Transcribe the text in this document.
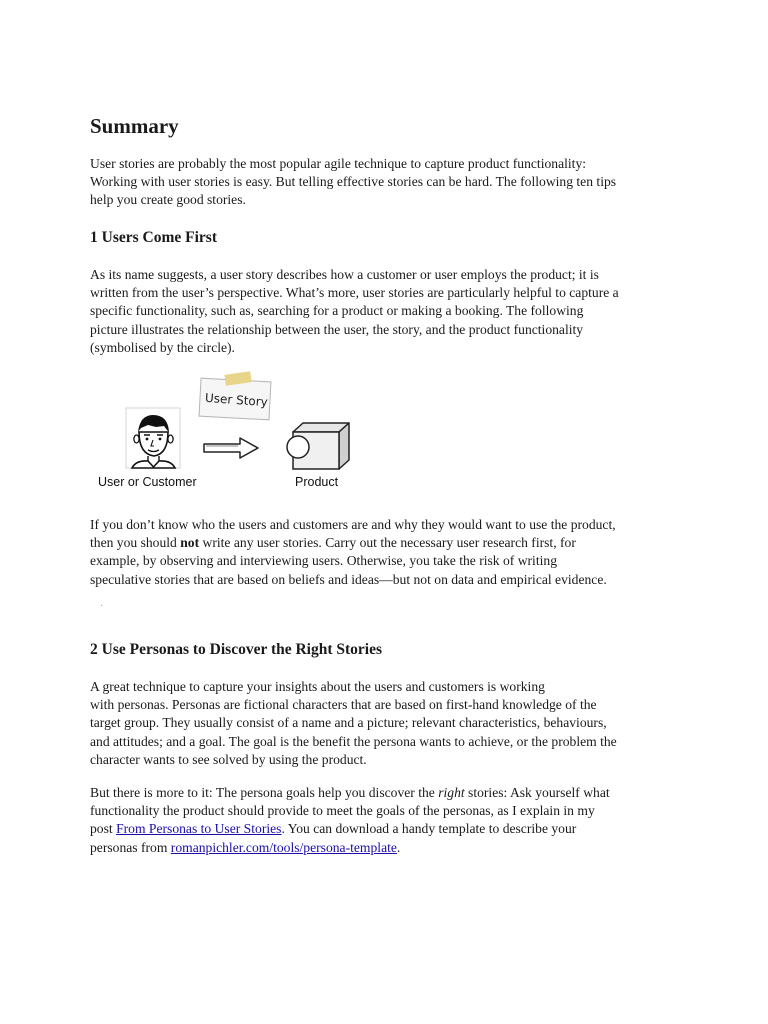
Summary

User stories are probably the most popular agile technique to capture product functionality:
Working with user stories is easy. But telling effective stories can be hard. The following ten tips
help you create good stories.

1 Users Come First

As its name suggests, a user story describes how a customer or user employs the product; it is
written from the user’s perspective. What’s more, user stories are particularly helpful to capture a
specific functionality, such as, searching for a product or making a booking. The following
picture illustrates the relationship between the user, the story, and the product functionality
(symbolised by the circle).

User Story
User or Customer	Product

If you don’t know who the users and customers are and why they would want to use the product,
then you should not write any user stories. Carry out the necessary user research first, for
example, by observing and interviewing users. Otherwise, you take the risk of writing
speculative stories that are based on beliefs and ideas—but not on data and empirical evidence.

·
2 Use Personas to Discover the Right Stories

A great technique to capture your insights about the users and customers is working
with personas. Personas are fictional characters that are based on first-hand knowledge of the
target group. They usually consist of a name and a picture; relevant characteristics, behaviours,
and attitudes; and a goal. The goal is the benefit the persona wants to achieve, or the problem the
character wants to see solved by using the product.

But there is more to it: The persona goals help you discover the right stories: Ask yourself what
functionality the product should provide to meet the goals of the personas, as I explain in my
post From Personas to User Stories. You can download a handy template to describe your
personas from romanpichler.com/tools/persona-template.
